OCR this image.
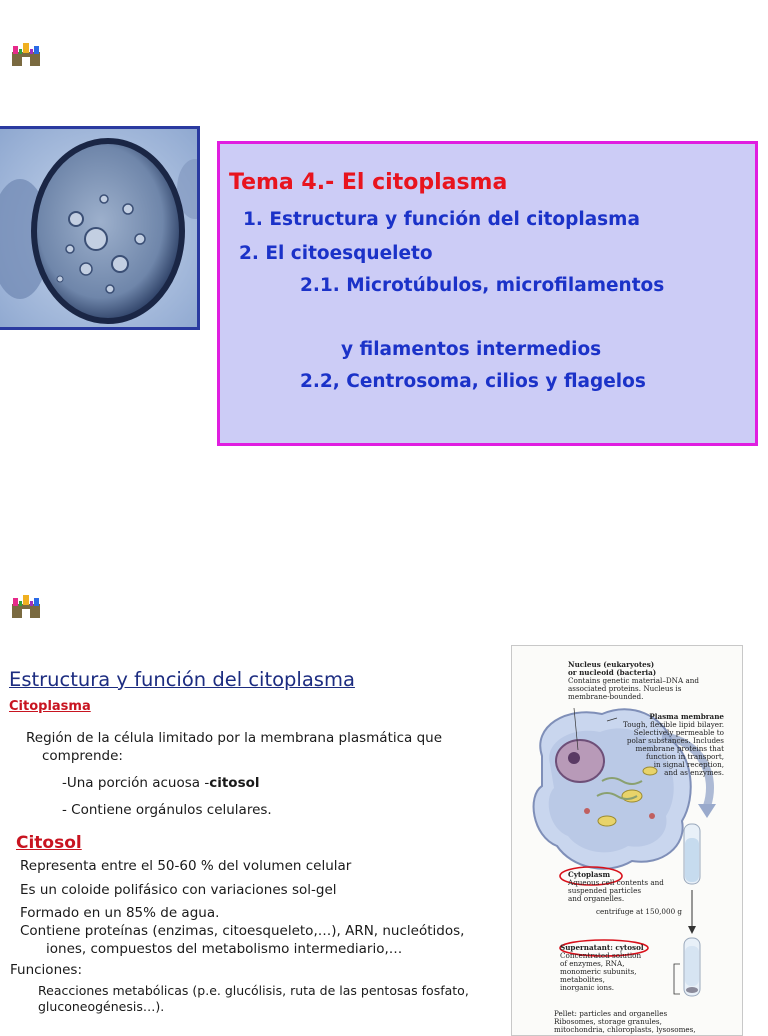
Tema 4.- El citoplasma
1. Estructura y función del citoplasma
2. El citoesqueleto
2.1. Microtúbulos, microfilamentos
y filamentos intermedios
2.2, Centrosoma, cilios y flagelos
Estructura y función del citoplasma
Citoplasma
Región de la célula limitado por la membrana plasmática que
comprende:
-Una porción acuosa -citosol
- Contiene orgánulos celulares.
Citosol
Representa entre el 50-60 % del volumen celular
Es un coloide polifásico con variaciones sol-gel
Formado en un 85% de agua.
Contiene proteínas (enzimas, citoesqueleto,…), ARN, nucleótidos,
iones, compuestos del metabolismo intermediario,…
Funciones:
Reacciones metabólicas (p.e. glucólisis, ruta de las pentosas fosfato,
gluconeogénesis…).
Nucleus (eukaryotes)
or nucleoid (bacteria)
Contains genetic material–DNA and
associated proteins. Nucleus is
membrane-bounded.
Plasma membrane
Tough, flexible lipid bilayer.
Selectively permeable to
polar substances. Includes
membrane proteins that
function in transport,
in signal reception,
and as enzymes.
Cytoplasm
Aqueous cell contents and
suspended particles
and organelles.
centrifuge at 150,000 g
Supernatant: cytosol
Concentrated solution
of enzymes, RNA,
monomeric subunits,
metabolites,
inorganic ions.
Pellet: particles and organelles
Ribosomes, storage granules,
mitochondria, chloroplasts, lysosomes,
